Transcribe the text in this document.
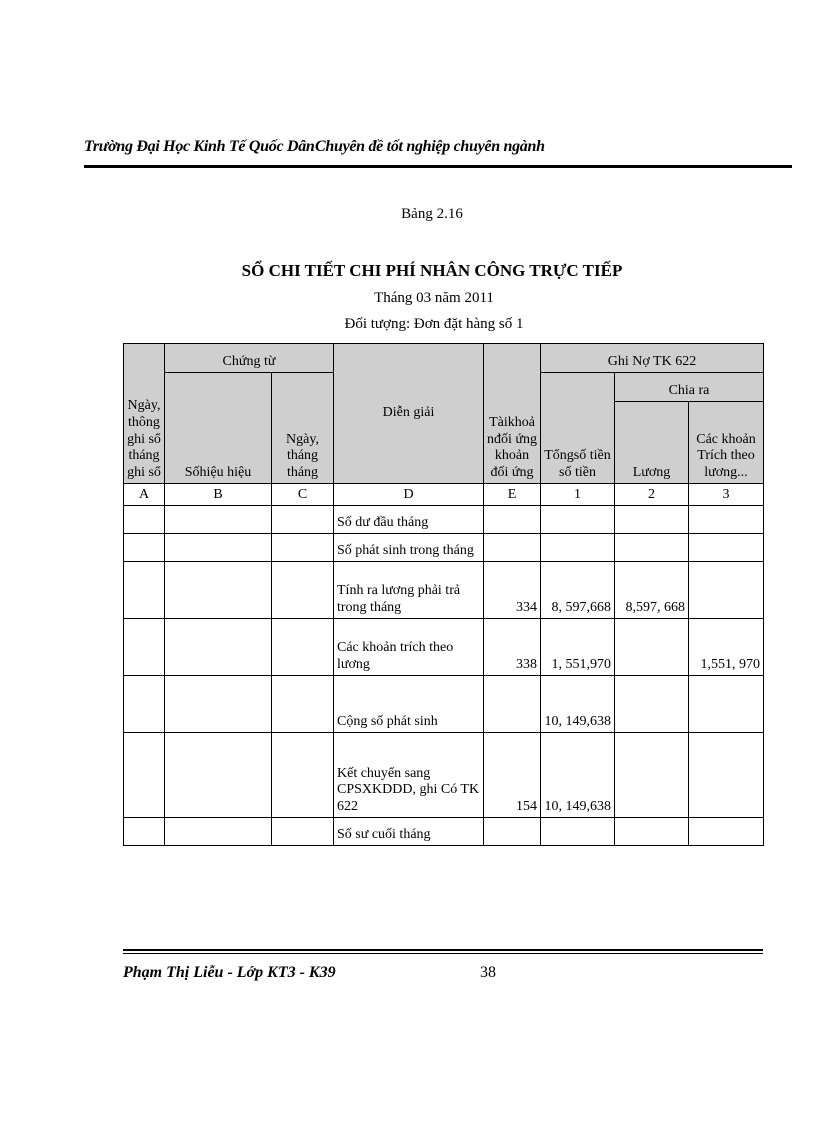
Trường Đại Học Kinh Tế Quốc Dân Chuyên đề tốt nghiệp chuyên ngành
Bảng 2.16
SỔ CHI TIẾT CHI PHÍ NHÂN CÔNG TRỰC TIẾP
Tháng 03 năm 2011
Đối tượng: Đơn đặt hàng số 1
Ngày, thông ghi sổ tháng ghi sổ	Chứng từ		Diễn giải	Tàikhoả nđối ứng khoản đối ứng	Ghi Nợ TK 622		
	Sốhiệu hiệu	Ngày, tháng tháng			Tổngsố tiền số tiền	Chia ra	
						Lương	Các khoản Trích theo lương...

A	B	C	D	E	1	2	3
			Số dư đầu tháng				
			Số phát sinh trong tháng				
			Tính ra lương phải trả trong tháng	334	8, 597,668	8,597, 668	
			Các khoản trích theo lương	338	1, 551,970		1,551, 970
			Cộng số phát sinh		10, 149,638		
			Kết chuyển sang CPSXKDDD, ghi Có TK 622	154	10, 149,638		
			Số sư cuối tháng				
Phạm Thị Liễu - Lớp KT3 - K39	38
